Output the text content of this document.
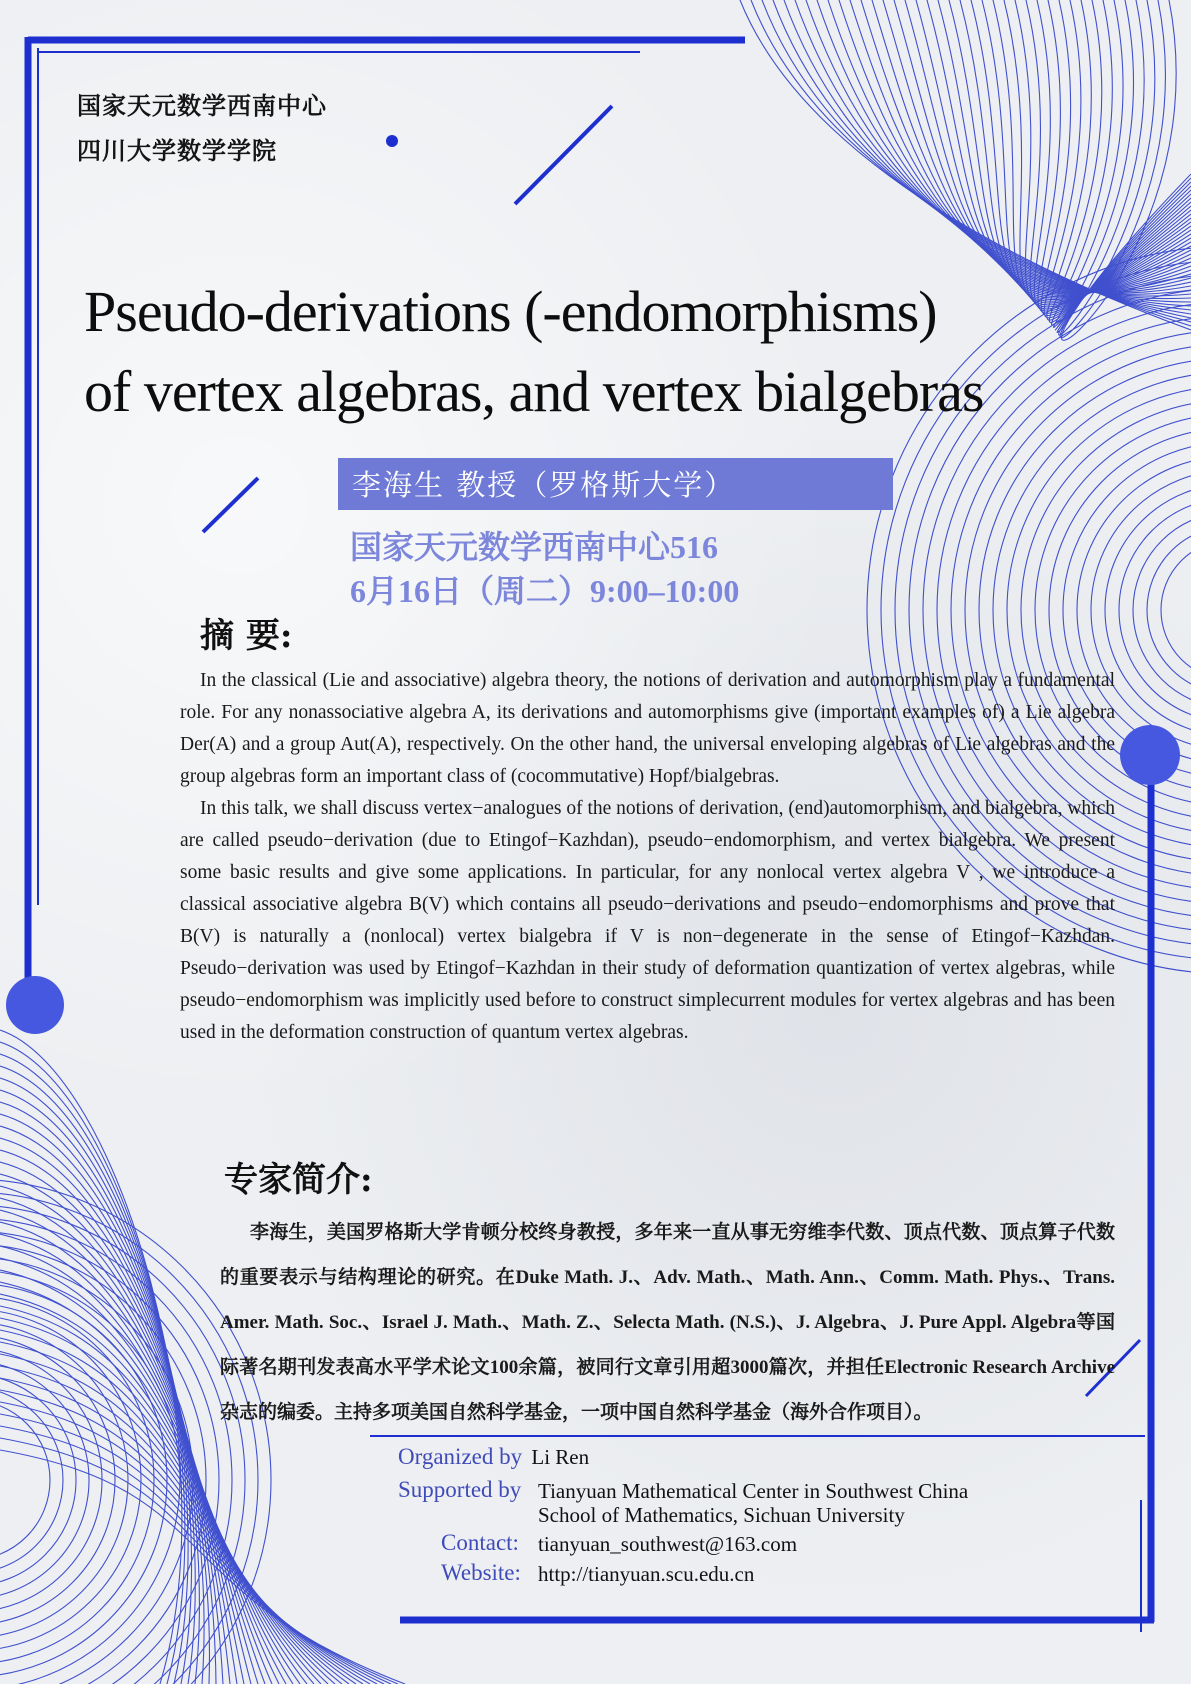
国家天元数学西南中心
四川大学数学学院
Pseudo-derivations (-endomorphisms)
of vertex algebras, and vertex bialgebras
李海生 教授（罗格斯大学）
国家天元数学西南中心516
6月16日（周二）9:00–10:00
摘 要:

In the classical (Lie and associative) algebra theory, the notions of derivation and automorphism play a fundamental role. For any nonassociative algebra A, its derivations and automorphisms give (important examples of) a Lie algebra Der(A) and a group Aut(A), respectively. On the other hand, the universal enveloping algebras of Lie algebras and the group algebras form an important class of (cocommutative) Hopf/bialgebras.

In this talk, we shall discuss vertex−analogues of the notions of derivation, (end)automorphism, and bialgebra, which are called pseudo−derivation (due to Etingof−Kazhdan), pseudo−endomorphism, and vertex bialgebra. We present some basic results and give some applications. In particular, for any nonlocal vertex algebra V , we introduce a classical associative algebra B(V) which contains all pseudo−derivations and pseudo−endomorphisms and prove that B(V) is naturally a (nonlocal) vertex bialgebra if V is non−degenerate in the sense of Etingof−Kazhdan. Pseudo−derivation was used by Etingof−Kazhdan in their study of deformation quantization of vertex algebras, while pseudo−endomorphism was implicitly used before to construct simplecurrent modules for vertex algebras and has been used in the deformation construction of quantum vertex algebras.

专家简介:

李海生，美国罗格斯大学肯顿分校终身教授，多年来一直从事无穷维李代数、顶点代数、顶点算子代数的重要表示与结构理论的研究。在Duke Math. J.、Adv. Math.、Math. Ann.、Comm. Math. Phys.、Trans. Amer. Math. Soc.、Israel J. Math.、Math. Z.、Selecta Math. (N.S.)、J. Algebra、J. Pure Appl. Algebra等国际著名期刊发表高水平学术论文100余篇，被同行文章引用超3000篇次，并担任Electronic Research Archive杂志的编委。主持多项美国自然科学基金，一项中国自然科学基金（海外合作项目）。

Organized by Li Ren
Supported by Tianyuan Mathematical Center in Southwest China
School of Mathematics, Sichuan University
Contact: tianyuan_southwest@163.com
Website: http://tianyuan.scu.edu.cn
